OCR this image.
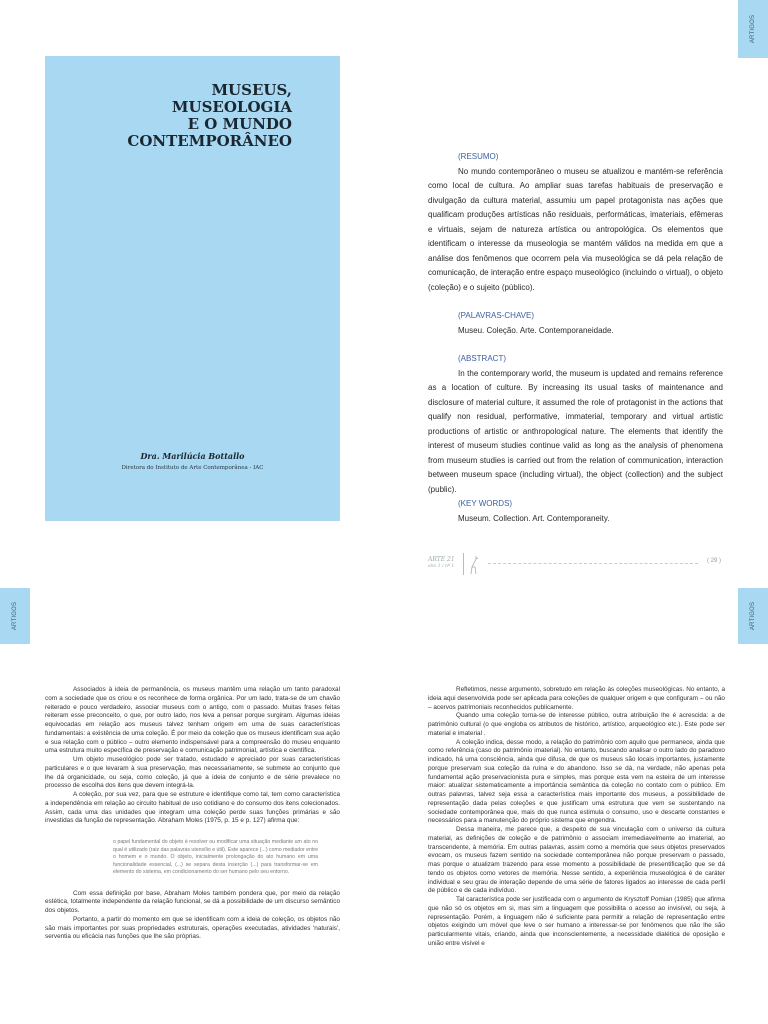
ARTIGOS
ARTIGOS	ARTIGOS
MUSEUS,
MUSEOLOGIA
E O MUNDO
CONTEMPORÂNEO
Dra. Marilúcia Bottallo
Diretora do Instituto de Arte Contemporânea - IAC
(RESUMO)

No mundo contemporâneo o museu se atualizou e mantém-se referência como local de cultura. Ao ampliar suas tarefas habituais de preservação e divulgação da cultura material, assumiu um papel protagonista nas ações que qualificam produções artísticas não residuais, performáticas, imateriais, efêmeras e virtuais, sejam de natureza artística ou antropológica. Os elementos que identificam o interesse da museologia se mantém válidos na medida em que a análise dos fenômenos que ocorrem pela via museológica se dá pela relação de comunicação, de interação entre espaço museológico (incluindo o virtual), o objeto (coleção) e o sujeito (público).

(PALAVRAS-CHAVE)
Museu. Coleção. Arte. Contemporaneidade.
(ABSTRACT)

In the contemporary world, the museum is updated and remains reference as a location of culture. By increasing its usual tasks of maintenance and disclosure of material culture, it assumed the role of protagonist in the actions that qualify non residual, performative, immaterial, temporary and virtual artistic productions of artistic or anthropological nature. The elements that identify the interest of museum studies continue valid as long as the analysis of phenomena from museum studies is carried out from the relation of communication, interaction between museum space (including virtual), the object (collection) and the subject (public).

(KEY WORDS)
Museum. Collection. Art. Contemporaneity.
ARTE 21
ano 1 / nº 1
( 29 )

Associados à ideia de permanência, os museus mantêm uma relação um tanto paradoxal com a sociedade que os criou e os reconhece de forma orgânica. Por um lado, trata-se de um chavão reiterado e pouco verdadeiro, associar museus com o antigo, com o passado. Muitas frases feitas reiteram esse preconceito, o que, por outro lado, nos leva a pensar porque surgiram. Algumas ideias equivocadas em relação aos museus talvez tenham origem em uma de suas características fundamentais: a existência de uma coleção. É por meio da coleção que os museus identificam sua ação e sua relação com o público – outro elemento indispensável para a compreensão do museu enquanto uma estrutura muito específica de preservação e comunicação patrimonial, artística e científica.

Um objeto museológico pode ser tratado, estudado e apreciado por suas características particulares e o que levaram à sua preservação, mas necessariamente, se submete ao conjunto que lhe dá organicidade, ou seja, como coleção, já que a ideia de conjunto e de série prevalece no processo de escolha dos itens que devem integrá-la.

A coleção, por sua vez, para que se estruture e identifique como tal, tem como característica a independência em relação ao circuito habitual de uso cotidiano e do consumo dos itens colecionados. Assim, cada uma das unidades que integram uma coleção perde suas funções primárias e são investidas da função de representação. Abraham Moles (1975, p. 15 e p. 127) afirma que:

o papel fundamental do objeto é resolver ou modificar uma situação mediante um ato no qual é utilizado (raiz das palavras utensílio e útil). Este aparece (...) como mediador entre o homem e o mundo. O objeto, inicialmente prolongação do ato humano em uma funcionalidade essencial, (...) se separa desta inserção (...) para transformar-se em elemento do sistema, em condicionamento do ser humano pelo seu entorno.

Com essa definição por base, Abraham Moles também pondera que, por meio da relação estética, totalmente independente da relação funcional, se dá a possibilidade de um discurso semântico dos objetos.

Portanto, a partir do momento em que se identificam com a ideia de coleção, os objetos não são mais importantes por suas propriedades estruturais, operações executadas, atividades 'naturais', serventia ou eficácia nas funções que lhe são próprias.

Refletimos, nesse argumento, sobretudo em relação às coleções museológicas. No entanto, a ideia aqui desenvolvida pode ser aplicada para coleções de qualquer origem e que configuram – ou não – acervos patrimoniais reconhecidos publicamente.

Quando uma coleção torna-se de interesse público, outra atribuição lhe é acrescida: a de patrimônio cultural (o que engloba os atributos de histórico, artístico, arqueológico etc.). Este pode ser material e imaterial .

A coleção indica, desse modo, a relação do patrimônio com aquilo que permanece, ainda que como referência (caso do patrimônio imaterial). No entanto, buscando analisar o outro lado do paradoxo indicado, há uma consciência, ainda que difusa, de que os museus são locais importantes, justamente porque preservam sua coleção da ruína e do abandono. Isso se dá, na verdade, não apenas pela fundamental ação preservacionista pura e simples, mas porque esta vem na esteira de um interesse maior: atualizar sistematicamente a importância semântica da coleção no contato com o público. Em outras palavras, talvez seja essa a característica mais importante dos museus, a possibilidade de representação dada pelas coleções e que justificam uma estrutura que vem se sustentando na sociedade contemporânea que, mais do que nunca estimula o consumo, uso e descarte constantes e necessários para a manutenção do próprio sistema que engendra.

Dessa maneira, me parece que, a despeito de sua vinculação com o universo da cultura material, as definições de coleção e de patrimônio o associam irremediavelmente ao imaterial, ao transcendente, à memória. Em outras palavras, assim como a memória que seus objetos preservados evocam, os museus fazem sentido na sociedade contemporânea não porque preservam o passado, mas porque o atualizam trazendo para esse momento a possibilidade de presentificação que se dá tendo os objetos como vetores de memória. Nesse sentido, a experiência museológica é de caráter individual e seu grau de interação depende de uma série de fatores ligados ao interesse de cada perfil de público e de cada indivíduo.

Tal característica pode ser justificada com o argumento de Krysztoff Pomian (1985) que afirma que não só os objetos em si, mas sim a linguagem que possibilita o acesso ao invisível, ou seja, à representação. Porém, a linguagem não é suficiente para permitir a relação de representação entre objetos exigindo um móvel que leve o ser humano a interessar-se por fenômenos que não lhe são particularmente vitais, criando, ainda que inconscientemente, a necessidade dialética de oposição e união entre visível e
